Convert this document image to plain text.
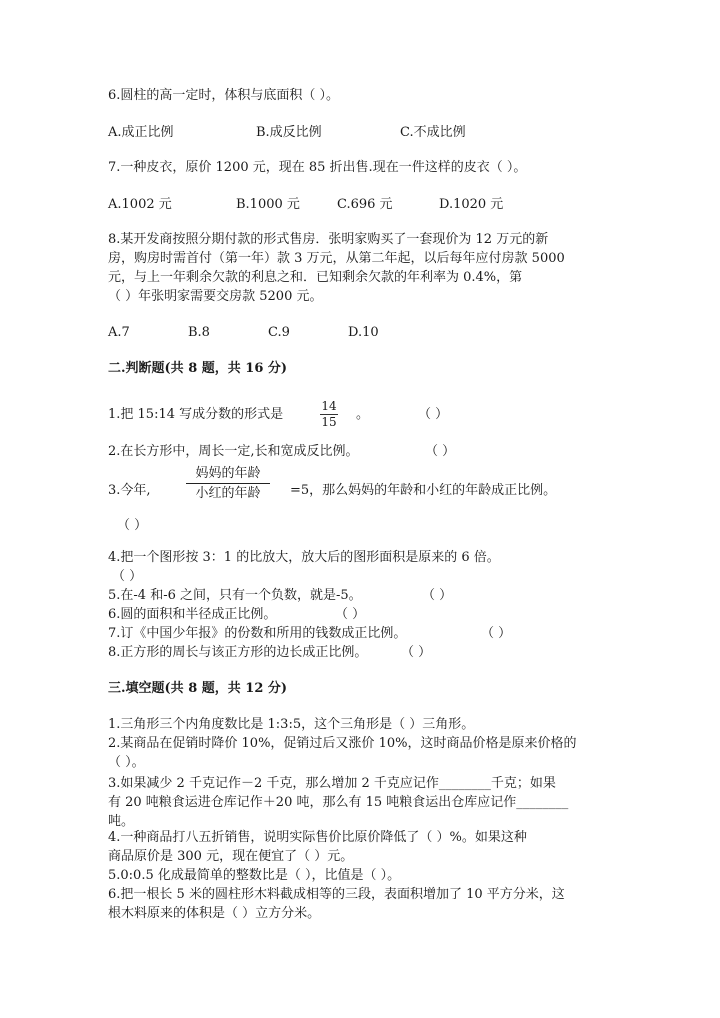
6.圆柱的高一定时，体积与底面积（ ）。
A.成正比例	B.成反比例	C.不成比例
7.一种皮衣，原价 1200 元，现在 85 折出售.现在一件这样的皮衣（ ）。
A.1002 元	B.1000 元	C.696 元	D.1020 元
8.某开发商按照分期付款的形式售房．张明家购买了一套现价为 12 万元的新
房，购房时需首付（第一年）款 3 万元，从第二年起，以后每年应付房款 5000
元，与上一年剩余欠款的利息之和．已知剩余欠款的年利率为 0.4%，第
（ ）年张明家需要交房款 5200 元。
A.7	B.8	C.9	D.10
二.判断题(共 8 题，共 16 分)
1.把 15:14 写成分数的形式是
14
15 。	（ ）
2.在长方形中，周长一定,长和宽成反比例。	（ ）
3.今年,
妈妈的年龄
小红的年龄	=5，那么妈妈的年龄和小红的年龄成正比例。
（ ）
4.把一个图形按 3：1 的比放大，放大后的图形面积是原来的 6 倍。
（ ）
5.在-4 和-6 之间，只有一个负数，就是-5。	（ ）
6.圆的面积和半径成正比例。	（ ）
7.订《中国少年报》的份数和所用的钱数成正比例。	（ ）
8.正方形的周长与该正方形的边长成正比例。	（ ）
三.填空题(共 8 题，共 12 分)
1.三角形三个内角度数比是 1:3:5，这个三角形是（ ）三角形。
2.某商品在促销时降价 10%，促销过后又涨价 10%，这时商品价格是原来价格的
（ ）。
3.如果减少 2 千克记作－2 千克，那么增加 2 千克应记作________千克；如果
有 20 吨粮食运进仓库记作＋20 吨，那么有 15 吨粮食运出仓库应记作________
吨。
4.一种商品打八五折销售，说明实际售价比原价降低了（ ）%。如果这种
商品原价是 300 元，现在便宜了（ ）元。
5.0:0.5 化成最简单的整数比是（ ），比值是（ ）。
6.把一根长 5 米的圆柱形木料截成相等的三段，表面积增加了 10 平方分米，这
根木料原来的体积是（ ）立方分米。
